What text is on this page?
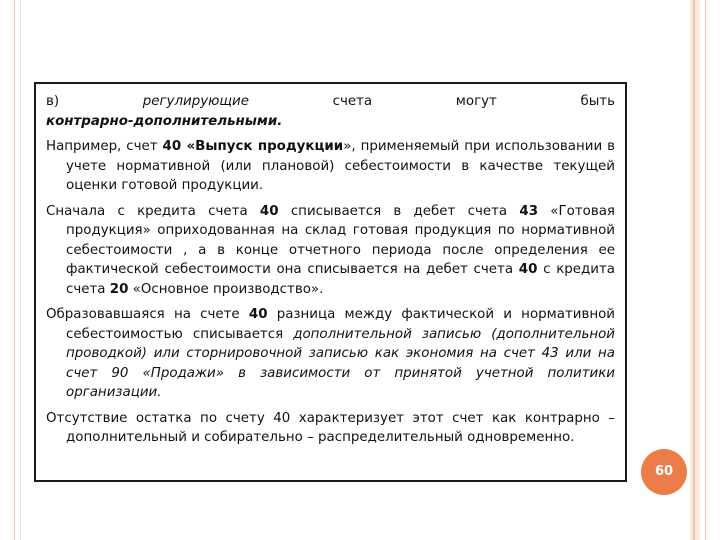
в)	регулирующие счета могут быть

контрарно-дополнительными.

Например, счет 40 «Выпуск продукции», применяемый при использовании в учете нормативной (или плановой) себестоимости в качестве текущей оценки готовой продукции.

Сначала с кредита счета 40 списывается в дебет счета 43 «Готовая продукция» оприходованная на склад готовая продукция по нормативной себестоимости , а в конце отчетного периода после определения ее фактической себестоимости она списывается на дебет счета 40 с кредита счета 20 «Основное производство».

Образовавшаяся на счете 40 разница между фактической и нормативной себестоимостью списывается дополнительной записью (дополнительной проводкой) или сторнировочной записью как экономия на счет 43 или на счет 90 «Продажи» в зависимости от принятой учетной политики организации.

Отсутствие остатка по счету 40 характеризует этот счет как контрарно – дополнительный и собирательно – распределительный одновременно.

60
